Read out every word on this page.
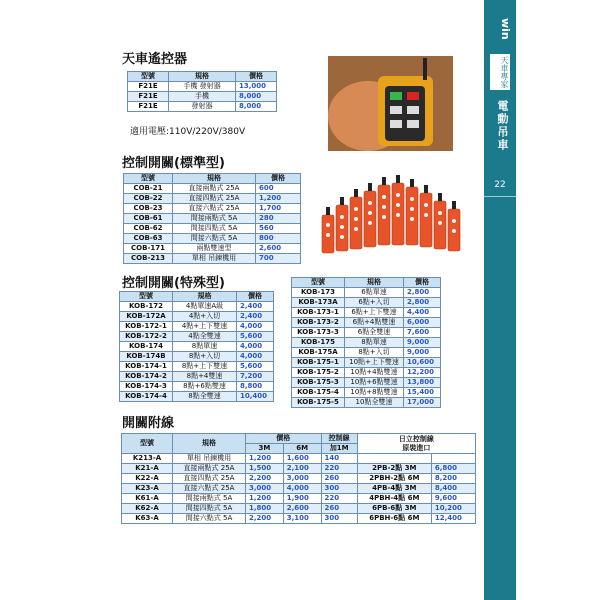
win
天車專家
電動吊車
22
天車遙控器
型號	規格	價格
F21E	手機 發射器	13,000
F21E	手機	8,000
F21E	發射器	8,000
適用電壓:110V/220V/380V
控制開關(標準型)
型號	規格	價格
COB-21	直接兩點式 25A	600
COB-22	直接四點式 25A	1,200
COB-23	直接六點式 25A	1,700
COB-61	間接兩點式 5A	280
COB-62	間接四點式 5A	560
COB-63	間接六點式 5A	800
COB-171	兩點雙速型	2,600
COB-213	單相 吊鍊機用	700
控制開關(特殊型)
型號	規格	價格
KOB-172	4點單速A級	2,400
KOB-172A	4點+入切	2,400
KOB-172-1	4點+上下雙速	4,000
KOB-172-2	4點全雙速	5,600
KOB-174	8點單速	4,000
KOB-174B	8點+入切	4,000
KOB-174-1	8點+上下雙速	5,600
KOB-174-2	8點+4雙速	7,200
KOB-174-3	8點+6點雙速	8,800
KOB-174-4	8點全雙速	10,400
型號	規格	價格
KOB-173	6點單速	2,800
KOB-173A	6點+入切	2,800
KOB-173-1	6點+上下雙速	4,400
KOB-173-2	6點+4點雙速	6,000
KOB-173-3	6點全雙速	7,600
KOB-175	8點單速	9,000
KOB-175A	8點+入切	9,000
KOB-175-1	10點+上下雙速	10,600
KOB-175-2	10點+4點雙速	12,200
KOB-175-3	10點+6點雙速	13,800
KOB-175-4	10點+8點雙速	15,400
KOB-175-5	10點全雙速	17,000
開關附線
型號	規格	價格		控制線	日立控制線
原裝進口	

		3M	6M	加1M		
K213-A	單相 吊鍊機用	1,200	1,600	140		
K21-A	直接兩點式 25A	1,500	2,100	220	2PB-2點 3M	6,800
K22-A	直接四點式 25A	2,200	3,000	260	2PBH-2點 6M	8,200
K23-A	直接六點式 25A	3,000	4,000	300	4PB-4點 3M	8,400
K61-A	間接兩點式 5A	1,200	1,900	220	4PBH-4點 6M	9,600
K62-A	間接四點式 5A	1,800	2,600	260	6PB-6點 3M	10,200
K63-A	間接六點式 5A	2,200	3,100	300	6PBH-6點 6M	12,400
